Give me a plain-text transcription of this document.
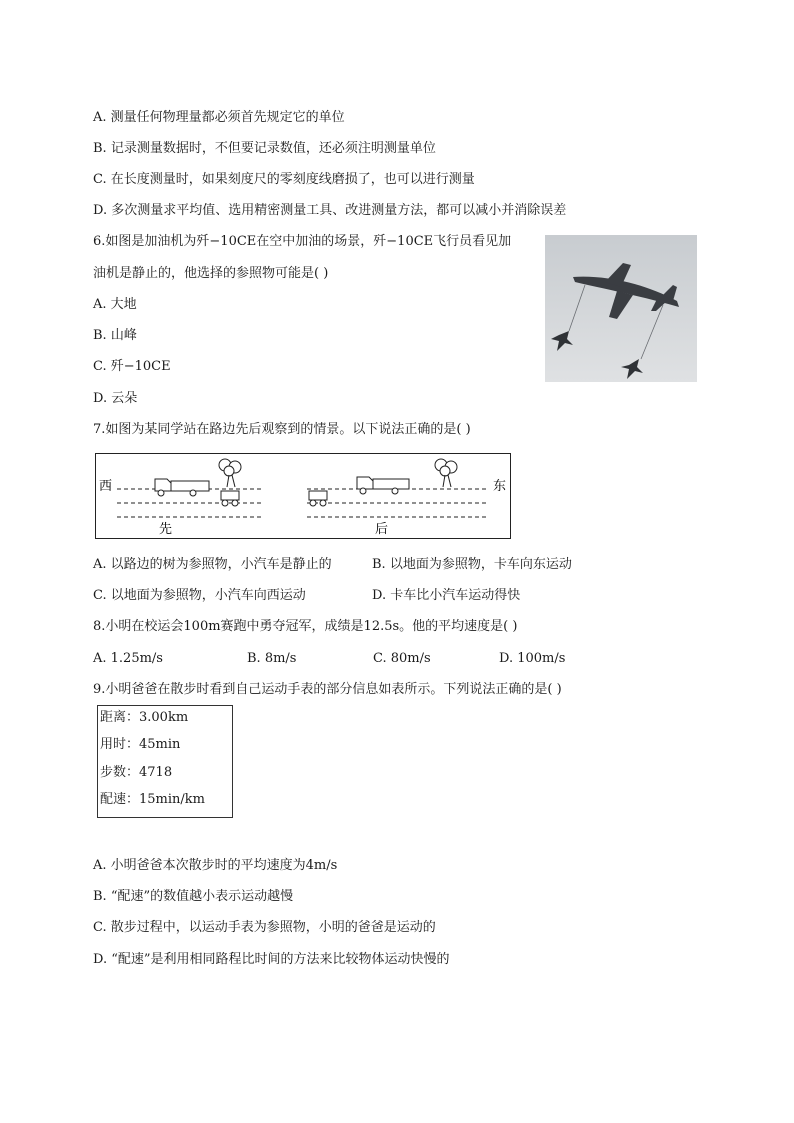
A. 测量任何物理量都必须首先规定它的单位
B. 记录测量数据时，不但要记录数值，还必须注明测量单位
C. 在长度测量时，如果刻度尺的零刻度线磨损了，也可以进行测量
D. 多次测量求平均值、选用精密测量工具、改进测量方法，都可以减小并消除误差
6.如图是加油机为歼−10CE在空中加油的场景，歼−10CE飞行员看见加
油机是静止的，他选择的参照物可能是( )
A. 大地
B. 山峰
C. 歼−10CE
D. 云朵
7.如图为某同学站在路边先后观察到的情景。以下说法正确的是( )
西	东
先	后
A. 以路边的树为参照物，小汽车是静止的	B. 以地面为参照物，卡车向东运动
C. 以地面为参照物，小汽车向西运动	D. 卡车比小汽车运动得快
8.小明在校运会100m赛跑中勇夺冠军，成绩是12.5s。他的平均速度是( )
A. 1.25m/s	B. 8m/s	C. 80m/s	D. 100m/s
9.小明爸爸在散步时看到自己运动手表的部分信息如表所示。下列说法正确的是( )
距离：3.00km
用时：45min
步数：4718
配速：15min/km
A. 小明爸爸本次散步时的平均速度为4m/s
B. “配速”的数值越小表示运动越慢
C. 散步过程中，以运动手表为参照物，小明的爸爸是运动的
D. “配速”是利用相同路程比时间的方法来比较物体运动快慢的
